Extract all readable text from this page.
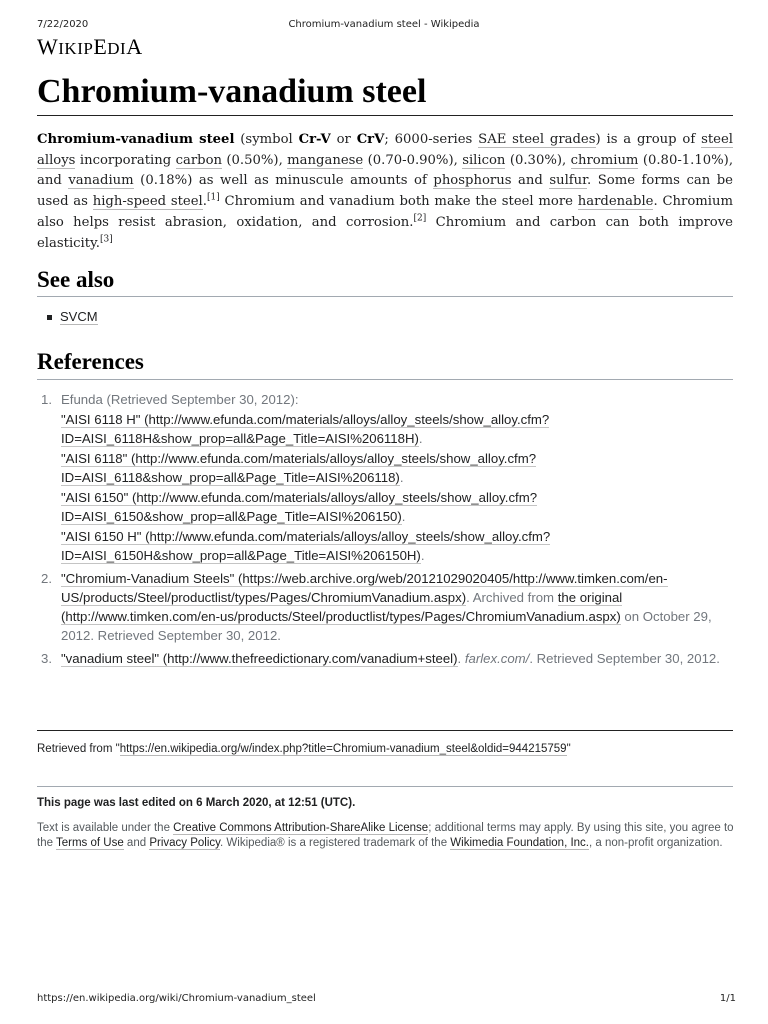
7/22/2020	Chromium-vanadium steel - Wikipedia
WIKIPEDIA
Chromium-vanadium steel

Chromium-vanadium steel (symbol Cr-V or CrV; 6000-series SAE steel grades) is a group of steel alloys incorporating carbon (0.50%), manganese (0.70-0.90%), silicon (0.30%), chromium (0.80-1.10%), and vanadium (0.18%) as well as minuscule amounts of phosphorus and sulfur. Some forms can be used as high-speed steel.[1] Chromium and vanadium both make the steel more hardenable. Chromium also helps resist abrasion, oxidation, and corrosion.[2] Chromium and carbon can both improve elasticity.[3]

See also
SVCM
References
1. Efunda (Retrieved September 30, 2012):
"AISI 6118 H" (http://www.efunda.com/materials/alloys/alloy_steels/show_alloy.cfm?ID=AISI_6118H&show_prop=all&Page_Title=AISI%206118H).
"AISI 6118" (http://www.efunda.com/materials/alloys/alloy_steels/show_alloy.cfm?ID=AISI_6118&show_prop=all&Page_Title=AISI%206118).
"AISI 6150" (http://www.efunda.com/materials/alloys/alloy_steels/show_alloy.cfm?ID=AISI_6150&show_prop=all&Page_Title=AISI%206150).
"AISI 6150 H" (http://www.efunda.com/materials/alloys/alloy_steels/show_alloy.cfm?ID=AISI_6150H&show_prop=all&Page_Title=AISI%206150H).
2. "Chromium-Vanadium Steels" (https://web.archive.org/web/20121029020405/http://www.timken.com/en-US/products/Steel/productlist/types/Pages/ChromiumVanadium.aspx). Archived from the original (http://www.timken.com/en-us/products/Steel/productlist/types/Pages/ChromiumVanadium.aspx) on October 29, 2012. Retrieved September 30, 2012.
3. "vanadium steel" (http://www.thefreedictionary.com/vanadium+steel). farlex.com/. Retrieved September 30, 2012.
Retrieved from "https://en.wikipedia.org/w/index.php?title=Chromium-vanadium_steel&oldid=944215759"
This page was last edited on 6 March 2020, at 12:51 (UTC).
Text is available under the Creative Commons Attribution-ShareAlike License; additional terms may apply. By using this site, you agree to the Terms of Use and Privacy Policy. Wikipedia® is a registered trademark of the Wikimedia Foundation, Inc., a non-profit organization.
https://en.wikipedia.org/wiki/Chromium-vanadium_steel	1/1
